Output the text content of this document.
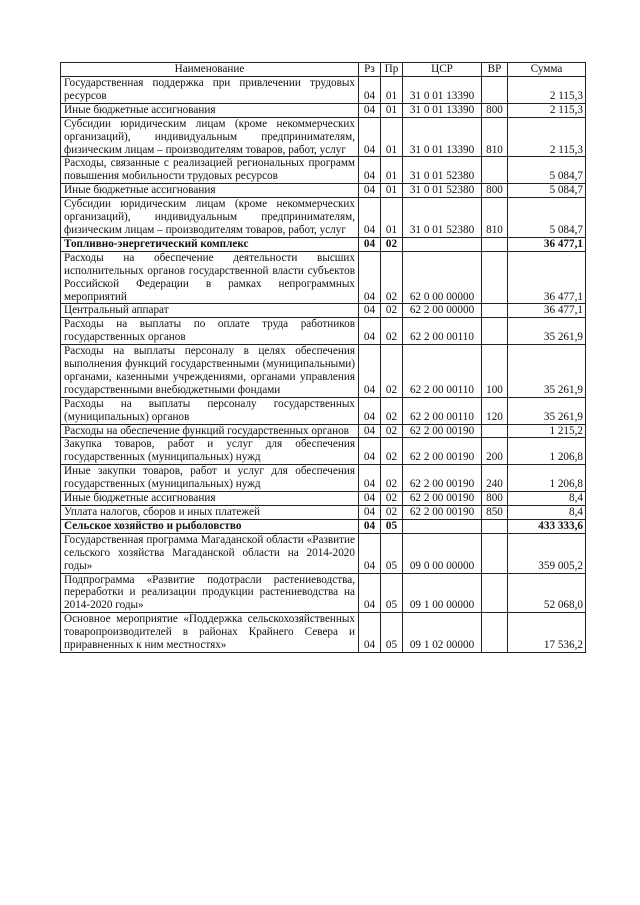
Наименование	Рз	Пр	ЦСР	ВР	Сумма
Государственная поддержка при привлечении трудовых ресурсов	04	01	31 0 01 13390		2 115,3
Иные бюджетные ассигнования	04	01	31 0 01 13390	800	2 115,3
Субсидии юридическим лицам (кроме некоммерческих организаций), индивидуальным предпринимателям, физическим лицам – производителям товаров, работ, услуг	04	01	31 0 01 13390	810	2 115,3
Расходы, связанные с реализацией региональных программ повышения мобильности трудовых ресурсов	04	01	31 0 01 52380		5 084,7
Иные бюджетные ассигнования	04	01	31 0 01 52380	800	5 084,7
Субсидии юридическим лицам (кроме некоммерческих организаций), индивидуальным предпринимателям, физическим лицам – производителям товаров, работ, услуг	04	01	31 0 01 52380	810	5 084,7
Топливно-энергетический комплекс	04	02			36 477,1
Расходы на обеспечение деятельности высших исполнительных органов государственной власти субъектов Российской Федерации в рамках непрограммных мероприятий	04	02	62 0 00 00000		36 477,1
Центральный аппарат	04	02	62 2 00 00000		36 477,1
Расходы на выплаты по оплате труда работников государственных органов	04	02	62 2 00 00110		35 261,9
Расходы на выплаты персоналу в целях обеспечения выполнения функций государственными (муниципальными) органами, казенными учреждениями, органами управления государственными внебюджетными фондами	04	02	62 2 00 00110	100	35 261,9
Расходы на выплаты персоналу государственных (муниципальных) органов	04	02	62 2 00 00110	120	35 261,9
Расходы на обеспечение функций государственных органов	04	02	62 2 00 00190		1 215,2
Закупка товаров, работ и услуг для обеспечения государственных (муниципальных) нужд	04	02	62 2 00 00190	200	1 206,8
Иные закупки товаров, работ и услуг для обеспечения государственных (муниципальных) нужд	04	02	62 2 00 00190	240	1 206,8
Иные бюджетные ассигнования	04	02	62 2 00 00190	800	8,4
Уплата налогов, сборов и иных платежей	04	02	62 2 00 00190	850	8,4
Сельское хозяйство и рыболовство	04	05			433 333,6
Государственная программа Магаданской области «Развитие сельского хозяйства Магаданской области на 2014-2020 годы»	04	05	09 0 00 00000		359 005,2
Подпрограмма «Развитие подотрасли растениеводства, переработки и реализации продукции растениеводства на 2014-2020 годы»	04	05	09 1 00 00000		52 068,0
Основное мероприятие «Поддержка сельскохозяйственных товаропроизводителей в районах Крайнего Севера и приравненных к ним местностях»	04	05	09 1 02 00000		17 536,2
